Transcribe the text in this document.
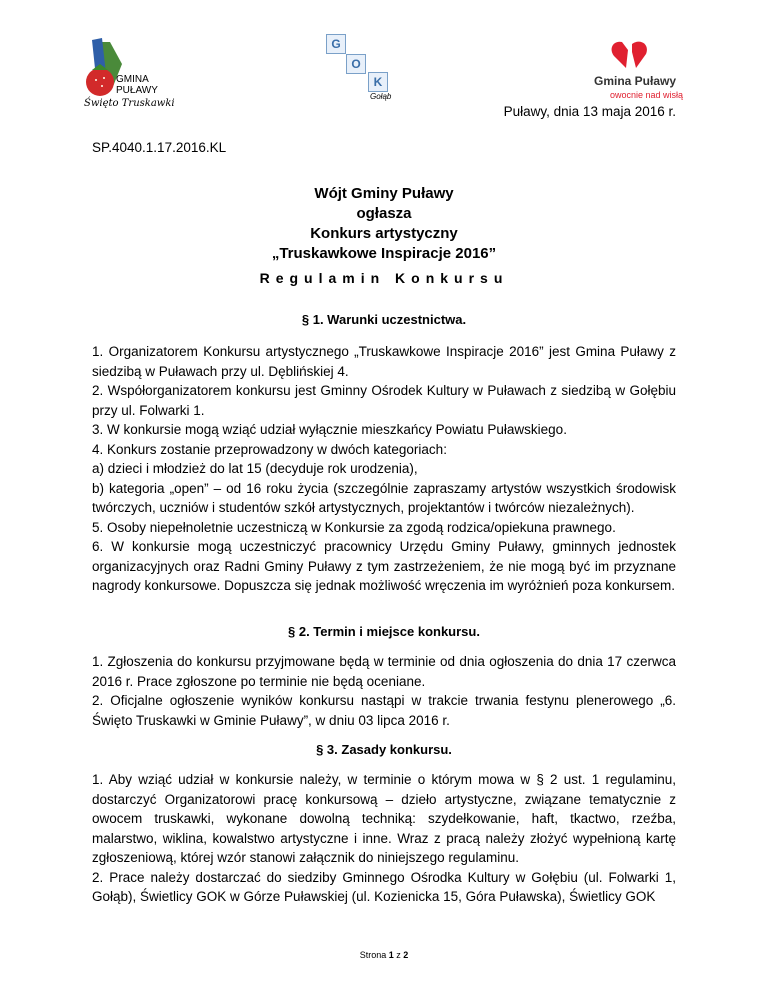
GMINA
PUŁAWY
Święto Truskawki
G
O
K
Gołąb
Gmina Puławy
owocnie nad wisłą
Puławy, dnia 13 maja 2016 r.
SP.4040.1.17.2016.KL
Wójt Gminy Puławy
ogłasza
Konkurs artystyczny
„Truskawkowe Inspiracje 2016”
Regulamin Konkursu
§ 1. Warunki uczestnictwa.
1. Organizatorem Konkursu artystycznego „Truskawkowe Inspiracje 2016” jest Gmina Puławy z siedzibą w Puławach przy ul. Dęblińskiej 4.
2. Współorganizatorem konkursu jest Gminny Ośrodek Kultury w Puławach z siedzibą w Gołębiu przy ul. Folwarki 1.
3. W konkursie mogą wziąć udział wyłącznie mieszkańcy Powiatu Puławskiego.
4. Konkurs zostanie przeprowadzony w dwóch kategoriach:
a) dzieci i młodzież do lat 15 (decyduje rok urodzenia),
b) kategoria „open” – od 16 roku życia (szczególnie zapraszamy artystów wszystkich środowisk twórczych, uczniów i studentów szkół artystycznych, projektantów i twórców niezależnych).
5. Osoby niepełnoletnie uczestniczą w Konkursie za zgodą rodzica/opiekuna prawnego.
6. W konkursie mogą uczestniczyć pracownicy Urzędu Gminy Puławy, gminnych jednostek organizacyjnych oraz Radni Gminy Puławy z tym zastrzeżeniem, że nie mogą być im przyznane nagrody konkursowe. Dopuszcza się jednak możliwość wręczenia im wyróżnień poza konkursem.
§ 2. Termin i miejsce konkursu.
1. Zgłoszenia do konkursu przyjmowane będą w terminie od dnia ogłoszenia do dnia 17 czerwca 2016 r. Prace zgłoszone po terminie nie będą oceniane.
2. Oficjalne ogłoszenie wyników konkursu nastąpi w trakcie trwania festynu plenerowego „6. Święto Truskawki w Gminie Puławy”, w dniu 03 lipca 2016 r.
§ 3. Zasady konkursu.
1. Aby wziąć udział w konkursie należy, w terminie o którym mowa w § 2 ust. 1 regulaminu, dostarczyć Organizatorowi pracę konkursową – dzieło artystyczne, związane tematycznie z owocem truskawki, wykonane dowolną techniką: szydełkowanie, haft, tkactwo, rzeźba, malarstwo, wiklina, kowalstwo artystyczne i inne. Wraz z pracą należy złożyć wypełnioną kartę zgłoszeniową, której wzór stanowi załącznik do niniejszego regulaminu.
2. Prace należy dostarczać do siedziby Gminnego Ośrodka Kultury w Gołębiu (ul. Folwarki 1, Gołąb), Świetlicy GOK w Górze Puławskiej (ul. Kozienicka 15, Góra Puławska), Świetlicy GOK
Strona 1 z 2
